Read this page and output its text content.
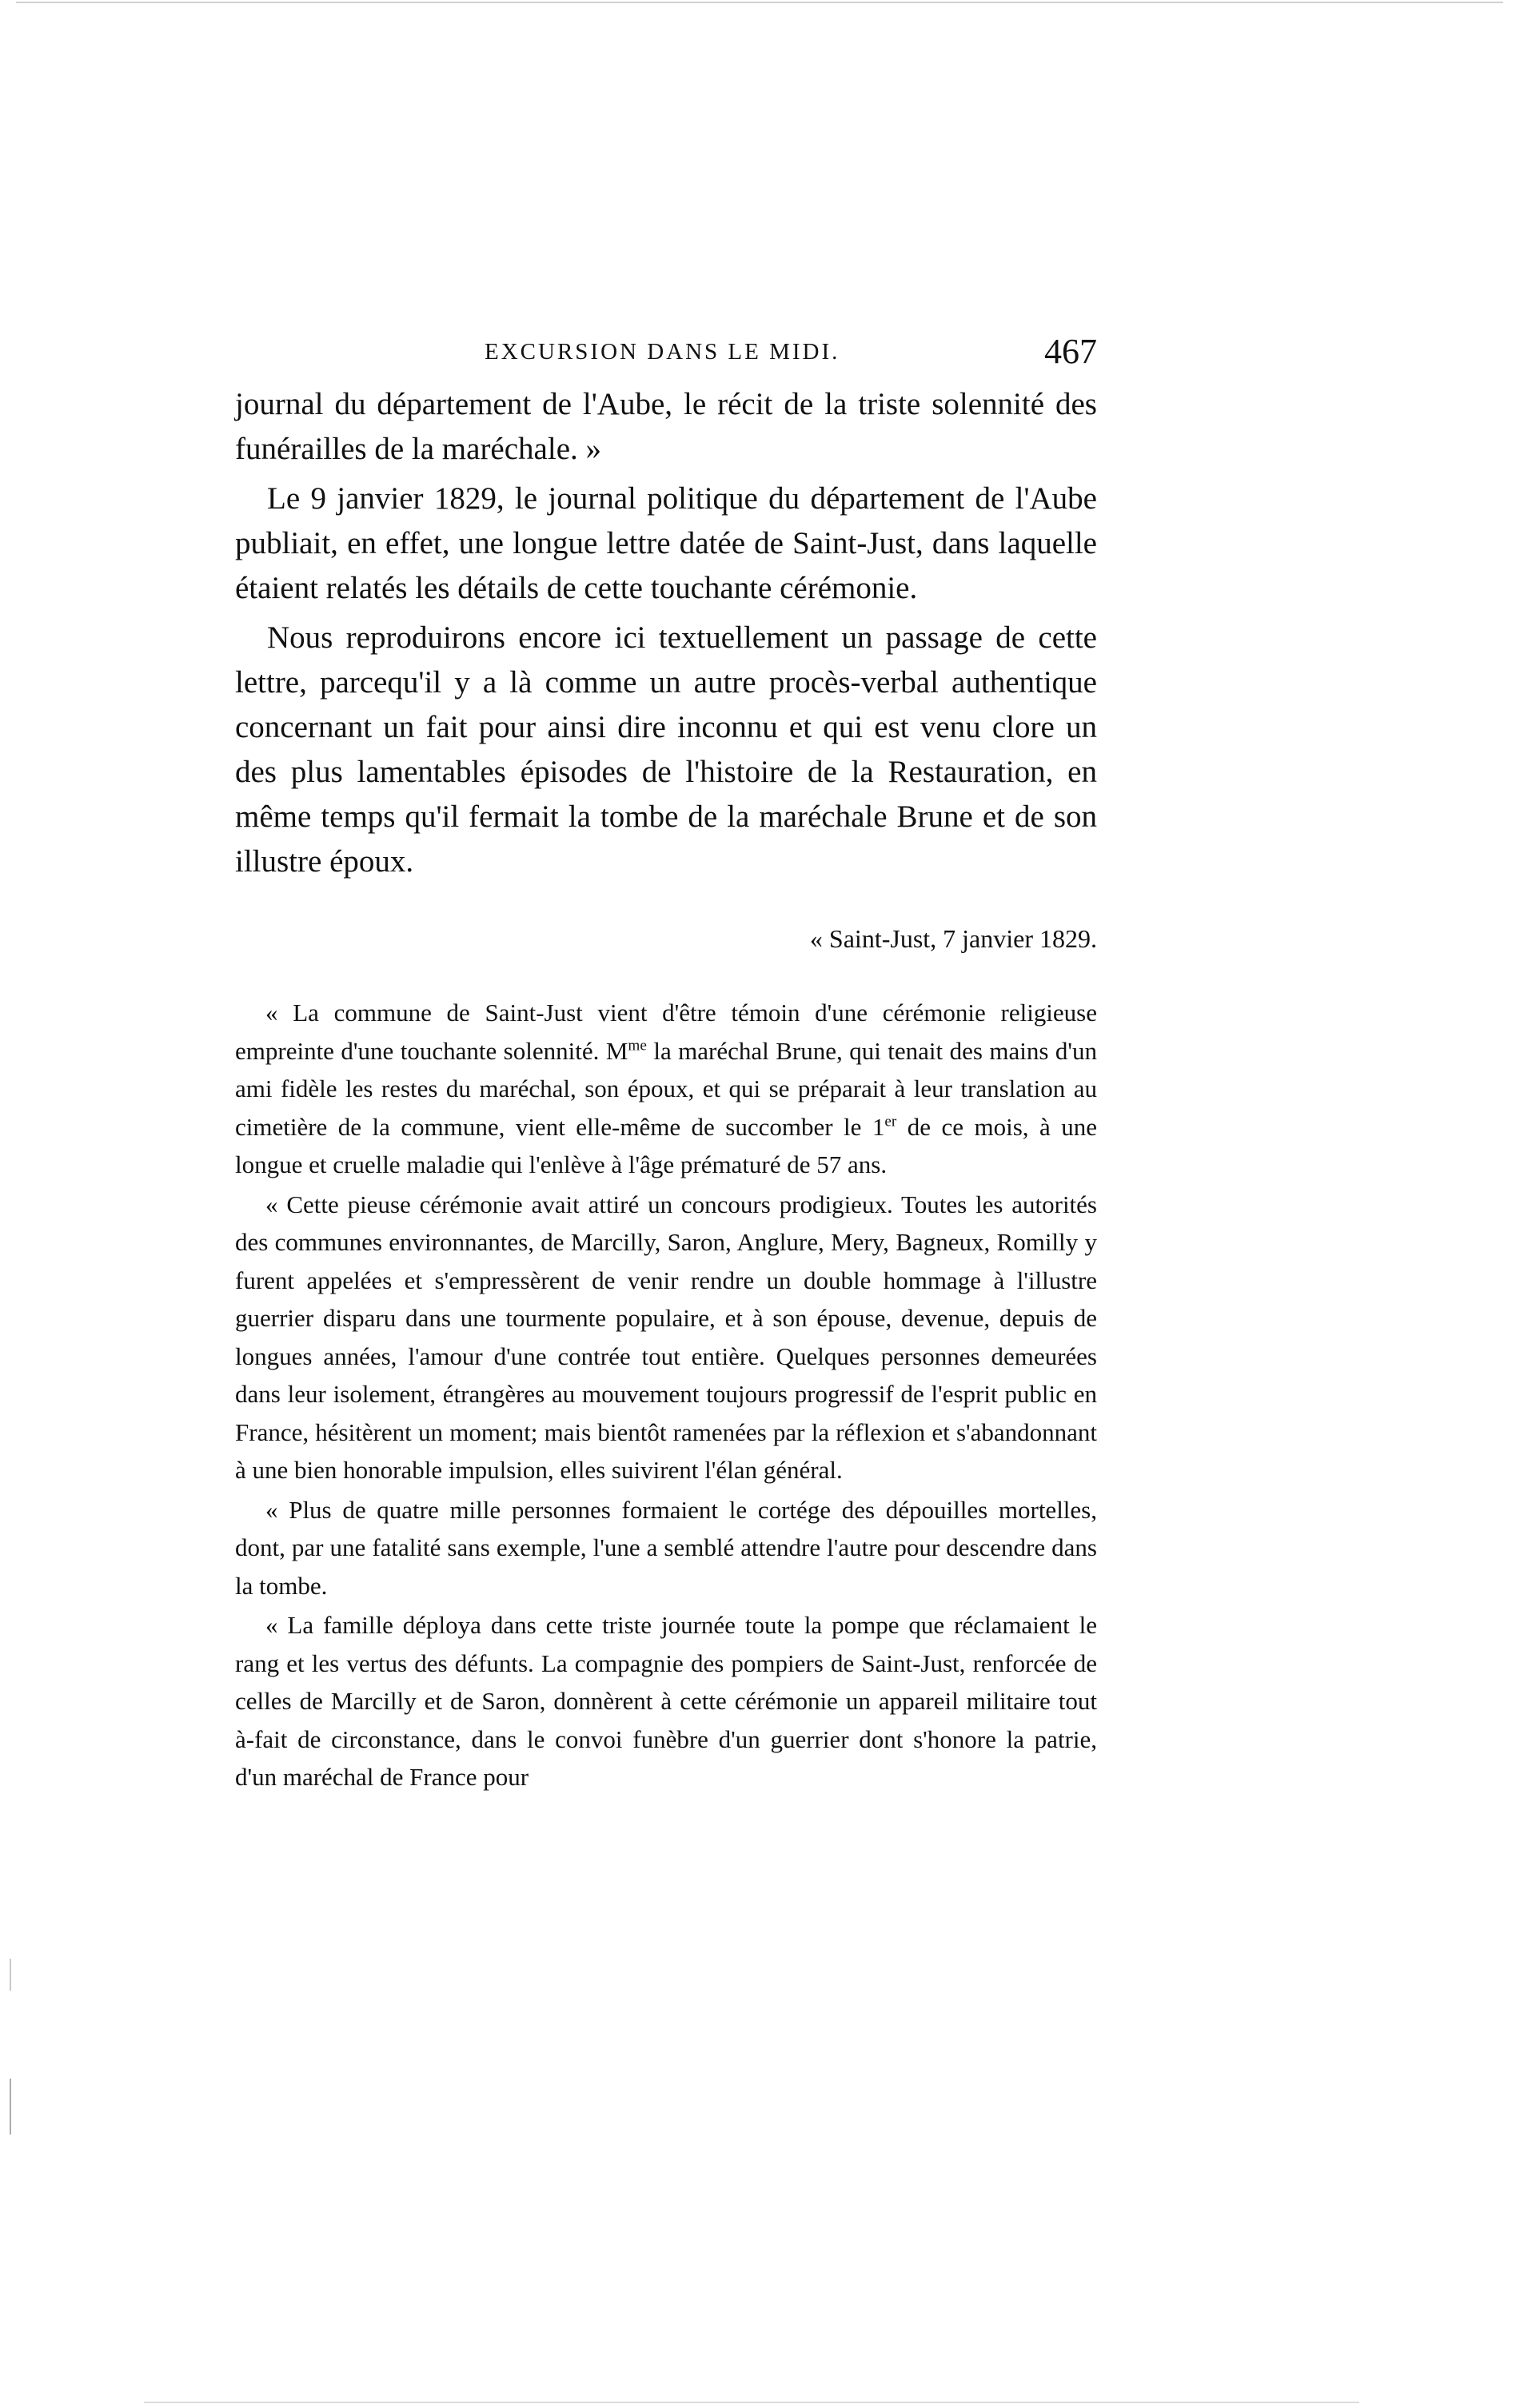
EXCURSION DANS LE MIDI.	467

journal du département de l'Aube, le récit de la triste solennité des funérailles de la maréchale. »

Le 9 janvier 1829, le journal politique du département de l'Aube publiait, en effet, une longue lettre datée de Saint-Just, dans laquelle étaient relatés les détails de cette touchante cérémonie.

Nous reproduirons encore ici textuellement un passage de cette lettre, parcequ'il y a là comme un autre procès-verbal authentique concernant un fait pour ainsi dire inconnu et qui est venu clore un des plus lamentables épisodes de l'histoire de la Restauration, en même temps qu'il fermait la tombe de la maréchale Brune et de son illustre époux.

« Saint-Just, 7 janvier 1829.

« La commune de Saint-Just vient d'être témoin d'une cérémonie religieuse empreinte d'une touchante solennité. $M^{me}$ la maréchal Brune, qui tenait des mains d'un ami fidèle les restes du maréchal, son époux, et qui se préparait à leur translation au cimetière de la commune, vient elle-même de succomber le 1er de ce mois, à une longue et cruelle maladie qui l'enlève à l'âge prématuré de 57 ans.

« Cette pieuse cérémonie avait attiré un concours prodigieux. Toutes les autorités des communes environnantes, de Marcilly, Saron, Anglure, Mery, Bagneux, Romilly y furent appelées et s'empressèrent de venir rendre un double hommage à l'illustre guerrier disparu dans une tourmente populaire, et à son épouse, devenue, depuis de longues années, l'amour d'une contrée tout entière. Quelques personnes demeurées dans leur isolement, étrangères au mouvement toujours progressif de l'esprit public en France, hésitèrent un moment; mais bientôt ramenées par la réflexion et s'abandonnant à une bien honorable impulsion, elles suivirent l'élan général.

« Plus de quatre mille personnes formaient le cortége des dépouilles mortelles, dont, par une fatalité sans exemple, l'une a semblé attendre l'autre pour descendre dans la tombe.

« La famille déploya dans cette triste journée toute la pompe que réclamaient le rang et les vertus des défunts. La compagnie des pompiers de Saint-Just, renforcée de celles de Marcilly et de Saron, donnèrent à cette cérémonie un appareil militaire tout à-fait de circonstance, dans le convoi funèbre d'un guerrier dont s'honore la patrie, d'un maréchal de France pour
